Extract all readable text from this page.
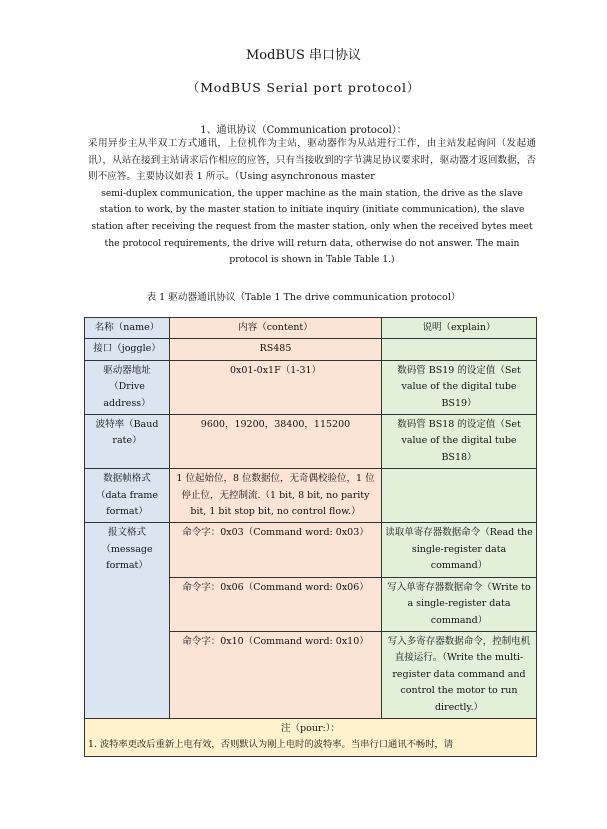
ModBUS 串口协议
（ModBUS Serial port protocol）
1、通讯协议（Communication protocol）：

采用异步主从半双工方式通讯，上位机作为主站，驱动器作为从站进行工作，由主站发起询问（发起通讯），从站在接到主站请求后作相应的应答，只有当接收到的字节满足协议要求时，驱动器才返回数据，否则不应答。主要协议如表 1 所示。（Using asynchronous master

semi-duplex communication, the upper machine as the main station, the drive as the slave station to work, by the master station to initiate inquiry (initiate communication), the slave station after receiving the request from the master station, only when the received bytes meet the protocol requirements, the drive will return data, otherwise do not answer. The main protocol is shown in Table Table 1.)

表 1 驱动器通讯协议（Table 1 The drive communication protocol）
名称（name）	内容（content）	说明（explain）
接口（joggle）	RS485	
驱动器地址（Drive address）	0x01-0x1F（1-31）	数码管 BS19 的设定值（Set value of the digital tube BS19）
波特率（Baud rate）	9600，19200，38400，115200	数码管 BS18 的设定值（Set value of the digital tube BS18）
数据帧格式（data frame format）	1 位起始位，8 位数据位，无奇偶校验位，1 位停止位，无控制流.（1 bit, 8 bit, no parity bit, 1 bit stop bit, no control flow.）	
报文格式（message format）	命令字：0x03（Command word: 0x03）	读取单寄存器数据命令（Read the single-register data command）
	命令字：0x06（Command word: 0x06）	写入单寄存器数据命令（Write to a single-register data command）
	命令字：0x10（Command word: 0x10）	写入多寄存器数据命令，控制电机直接运行。（Write the multi-register data command and control the motor to run directly.）

注（pour:）：
1. 波特率更改后重新上电有效，否则默认为刚上电时的波特率。当串行口通讯不畅时，请		
